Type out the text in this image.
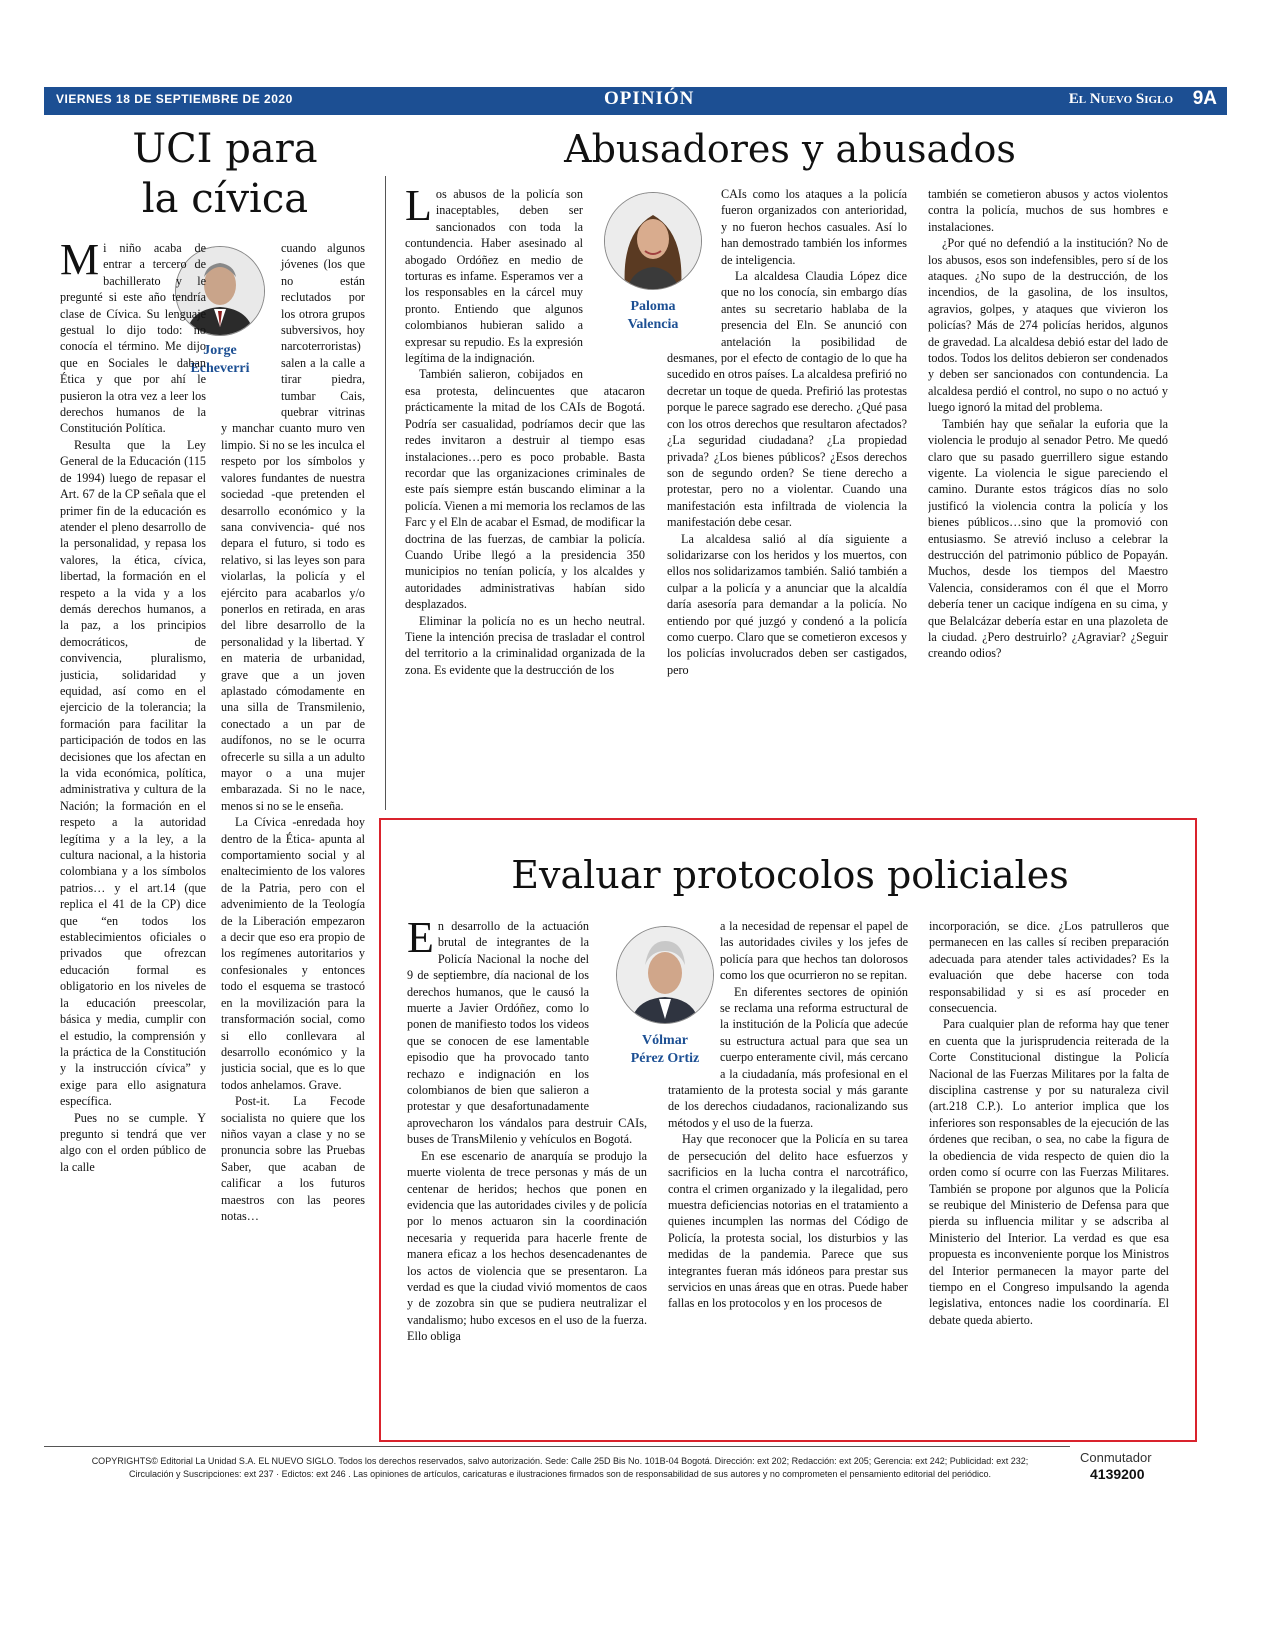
VIERNES 18 DE SEPTIEMBRE DE 2020	OPINIÓN	El Nuevo Siglo 9A
UCI para
la cívica
Jorge
Echeverri

Mi niño acaba de entrar a tercero de bachillerato y le pregunté si este año tendría clase de Cívica. Su lenguaje gestual lo dijo todo: no conocía el término. Me dijo que en Sociales le daban Ética y que por ahí le pusieron la otra vez a leer los derechos humanos de la Constitución Política.

Resulta que la Ley General de la Educación (115 de 1994) luego de repasar el Art. 67 de la CP señala que el primer fin de la educación es atender el pleno desarrollo de la personalidad, y repasa los valores, la ética, cívica, libertad, la formación en el respeto a la vida y a los demás derechos humanos, a la paz, a los principios democráticos, de convivencia, pluralismo, justicia, solidaridad y equidad, así como en el ejercicio de la tolerancia; la formación para facilitar la participación de todos en las decisiones que los afectan en la vida económica, política, administrativa y cultura de la Nación; la formación en el respeto a la autoridad legítima y a la ley, a la cultura nacional, a la historia colombiana y a los símbolos patrios… y el art.14 (que replica el 41 de la CP) dice que “en todos los establecimientos oficiales o privados que ofrezcan educación formal es obligatorio en los niveles de la educación preescolar, básica y media, cumplir con el estudio, la comprensión y la práctica de la Constitución y la instrucción cívica” y exige para ello asignatura específica.

Pues no se cumple. Y pregunto si tendrá que ver algo con el orden público de la calle

cuando algunos jóvenes (los que no están reclutados por los otrora grupos subversivos, hoy narcoterroristas) salen a la calle a tirar piedra, tumbar Cais, quebrar vitrinas y manchar cuanto muro ven limpio. Si no se les inculca el respeto por los símbolos y valores fundantes de nuestra sociedad -que pretenden el desarrollo económico y la sana convivencia- qué nos depara el futuro, si todo es relativo, si las leyes son para violarlas, la policía y el ejército para acabarlos y/o ponerlos en retirada, en aras del libre desarrollo de la personalidad y la libertad. Y en materia de urbanidad, grave que a un joven aplastado cómodamente en una silla de Transmilenio, conectado a un par de audífonos, no se le ocurra ofrecerle su silla a un adulto mayor o a una mujer embarazada. Si no le nace, menos si no se le enseña.

La Cívica -enredada hoy dentro de la Ética- apunta al comportamiento social y al enaltecimiento de los valores de la Patria, pero con el advenimiento de la Teología de la Liberación empezaron a decir que eso era propio de los regímenes autoritarios y confesionales y entonces todo el esquema se trastocó en la movilización para la transformación social, como si ello conllevara al desarrollo económico y la justicia social, que es lo que todos anhelamos. Grave.

Post-it. La Fecode socialista no quiere que los niños vayan a clase y no se pronuncia sobre las Pruebas Saber, que acaban de calificar a los futuros maestros con las peores notas…

Abusadores y abusados
Paloma
Valencia

Los abusos de la policía son inaceptables, deben ser sancionados con toda la contundencia. Haber asesinado al abogado Ordóñez en medio de torturas es infame. Esperamos ver a los responsables en la cárcel muy pronto. Entiendo que algunos colombianos hubieran salido a expresar su repudio. Es la expresión legítima de la indignación.

También salieron, cobijados en esa protesta, delincuentes que atacaron prácticamente la mitad de los CAIs de Bogotá. Podría ser casualidad, podríamos decir que las redes invitaron a destruir al tiempo esas instalaciones…pero es poco probable. Basta recordar que las organizaciones criminales de este país siempre están buscando eliminar a la policía. Vienen a mi memoria los reclamos de las Farc y el Eln de acabar el Esmad, de modificar la doctrina de las fuerzas, de cambiar la policía. Cuando Uribe llegó a la presidencia 350 municipios no tenían policía, y los alcaldes y autoridades administrativas habían sido desplazados.

Eliminar la policía no es un hecho neutral. Tiene la intención precisa de trasladar el control del territorio a la criminalidad organizada de la zona. Es evidente que la destrucción de los

CAIs como los ataques a la policía fueron organizados con anterioridad, y no fueron hechos casuales. Así lo han demostrado también los informes de inteligencia.

La alcaldesa Claudia López dice que no los conocía, sin embargo días antes su secretario hablaba de la presencia del Eln. Se anunció con antelación la posibilidad de desmanes, por el efecto de contagio de lo que ha sucedido en otros países. La alcaldesa prefirió no decretar un toque de queda. Prefirió las protestas porque le parece sagrado ese derecho. ¿Qué pasa con los otros derechos que resultaron afectados? ¿La seguridad ciudadana? ¿La propiedad privada? ¿Los bienes públicos? ¿Esos derechos son de segundo orden? Se tiene derecho a protestar, pero no a violentar. Cuando una manifestación esta infiltrada de violencia la manifestación debe cesar.

La alcaldesa salió al día siguiente a solidarizarse con los heridos y los muertos, con ellos nos solidarizamos también. Salió también a culpar a la policía y a anunciar que la alcaldía daría asesoría para demandar a la policía. No entiendo por qué juzgó y condenó a la policía como cuerpo. Claro que se cometieron excesos y los policías involucrados deben ser castigados, pero

también se cometieron abusos y actos violentos contra la policía, muchos de sus hombres e instalaciones.

¿Por qué no defendió a la institución? No de los abusos, esos son indefensibles, pero sí de los ataques. ¿No supo de la destrucción, de los incendios, de la gasolina, de los insultos, agravios, golpes, y ataques que vivieron los policías? Más de 274 policías heridos, algunos de gravedad. La alcaldesa debió estar del lado de todos. Todos los delitos debieron ser condenados y deben ser sancionados con contundencia. La alcaldesa perdió el control, no supo o no actuó y luego ignoró la mitad del problema.

También hay que señalar la euforia que la violencia le produjo al senador Petro. Me quedó claro que su pasado guerrillero sigue estando vigente. La violencia le sigue pareciendo el camino. Durante estos trágicos días no solo justificó la violencia contra la policía y los bienes públicos…sino que la promovió con entusiasmo. Se atrevió incluso a celebrar la destrucción del patrimonio público de Popayán. Muchos, desde los tiempos del Maestro Valencia, consideramos con él que el Morro debería tener un cacique indígena en su cima, y que Belalcázar debería estar en una plazoleta de la ciudad. ¿Pero destruirlo? ¿Agraviar? ¿Seguir creando odios?

Evaluar protocolos policiales
Vólmar
Pérez Ortiz

En desarrollo de la actuación brutal de integrantes de la Policía Nacional la noche del 9 de septiembre, día nacional de los derechos humanos, que le causó la muerte a Javier Ordóñez, como lo ponen de manifiesto todos los videos que se conocen de ese lamentable episodio que ha provocado tanto rechazo e indignación en los colombianos de bien que salieron a protestar y que desafortunadamente aprovecharon los vándalos para destruir CAIs, buses de TransMilenio y vehículos en Bogotá.

En ese escenario de anarquía se produjo la muerte violenta de trece personas y más de un centenar de heridos; hechos que ponen en evidencia que las autoridades civiles y de policía por lo menos actuaron sin la coordinación necesaria y requerida para hacerle frente de manera eficaz a los hechos desencadenantes de los actos de violencia que se presentaron. La verdad es que la ciudad vivió momentos de caos y de zozobra sin que se pudiera neutralizar el vandalismo; hubo excesos en el uso de la fuerza. Ello obliga

a la necesidad de repensar el papel de las autoridades civiles y los jefes de policía para que hechos tan dolorosos como los que ocurrieron no se repitan.

En diferentes sectores de opinión se reclama una reforma estructural de la institución de la Policía que adecúe su estructura actual para que sea un cuerpo enteramente civil, más cercano a la ciudadanía, más profesional en el tratamiento de la protesta social y más garante de los derechos ciudadanos, racionalizando sus métodos y el uso de la fuerza.

Hay que reconocer que la Policía en su tarea de persecución del delito hace esfuerzos y sacrificios en la lucha contra el narcotráfico, contra el crimen organizado y la ilegalidad, pero muestra deficiencias notorias en el tratamiento a quienes incumplen las normas del Código de Policía, la protesta social, los disturbios y las medidas de la pandemia. Parece que sus integrantes fueran más idóneos para prestar sus servicios en unas áreas que en otras. Puede haber fallas en los protocolos y en los procesos de

incorporación, se dice. ¿Los patrulleros que permanecen en las calles sí reciben preparación adecuada para atender tales actividades? Es la evaluación que debe hacerse con toda responsabilidad y si es así proceder en consecuencia.

Para cualquier plan de reforma hay que tener en cuenta que la jurisprudencia reiterada de la Corte Constitucional distingue la Policía Nacional de las Fuerzas Militares por la falta de disciplina castrense y por su naturaleza civil (art.218 C.P.). Lo anterior implica que los inferiores son responsables de la ejecución de las órdenes que reciban, o sea, no cabe la figura de la obediencia de vida respecto de quien dio la orden como sí ocurre con las Fuerzas Militares. También se propone por algunos que la Policía se reubique del Ministerio de Defensa para que pierda su influencia militar y se adscriba al Ministerio del Interior. La verdad es que esa propuesta es inconveniente porque los Ministros del Interior permanecen la mayor parte del tiempo en el Congreso impulsando la agenda legislativa, entonces nadie los coordinaría. El debate queda abierto.

COPYRIGHTS© Editorial La Unidad S.A. EL NUEVO SIGLO. Todos los derechos reservados, salvo autorización. Sede: Calle 25D Bis No. 101B-04 Bogotá. Dirección: ext 202; Redacción: ext 205; Gerencia: ext 242; Publicidad: ext 232;
Circulación y Suscripciones: ext 237 · Edictos: ext 246 . Las opiniones de artículos, caricaturas e ilustraciones firmados son de responsabilidad de sus autores y no comprometen el pensamiento editorial del periódico.
Conmutador
4139200
